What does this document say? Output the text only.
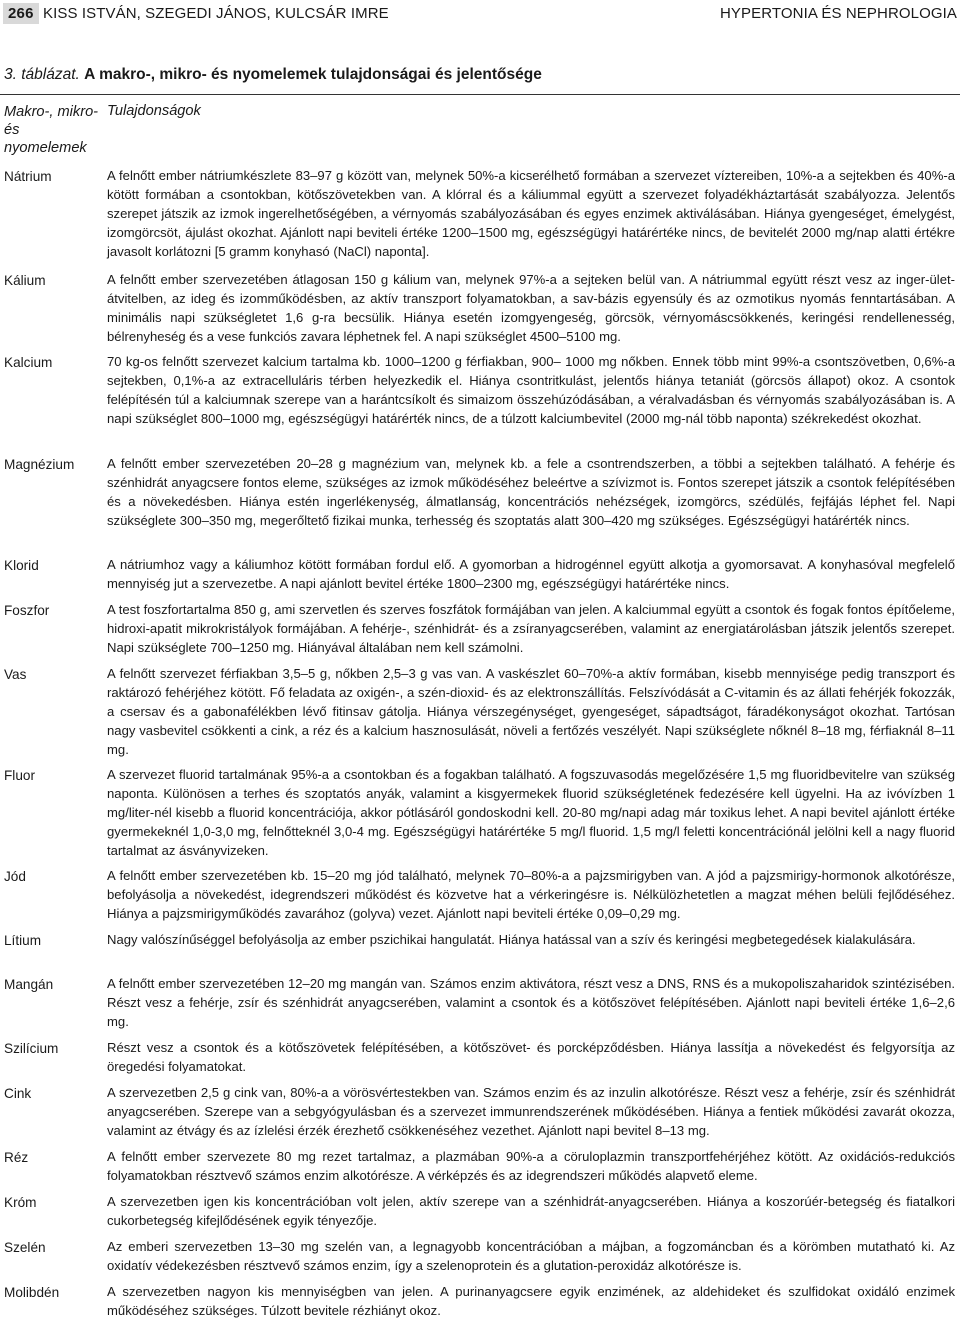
266 KISS ISTVÁN, SZEGEDI JÁNOS, KULCSÁR IMRE	HYPERTONIA ÉS NEPHROLOGIA
3. táblázat. A makro-, mikro- és nyomelemek tulajdonságai és jelentősége
Makro-, mikro- és nyomelemek
Tulajdonságok
Nátrium	A felnőtt ember nátriumkészlete 83–97 g között van, melynek 50%-a kicserélhető formában a szervezet víztereiben, 10%-a a sejtekben és 40%-a kötött formában a csontokban, kötőszövetekben van. A klórral és a káliummal együtt a szervezet folyadékháztartását szabályozza. Jelentős szerepet játszik az izmok ingerelhetőségében, a vérnyomás szabályozásában és egyes enzimek aktiválásában. Hiánya gyengeséget, émelygést, izomgörcsöt, ájulást okozhat. Ajánlott napi beviteli értéke 1200–1500 mg, egészségügyi határértéke nincs, de bevitelét 2000 mg/nap alatti értékre javasolt korlátozni [5 gramm konyhasó (NaCl) naponta].
Kálium	A felnőtt ember szervezetében átlagosan 150 g kálium van, melynek 97%-a a sejteken belül van. A nátriummal együtt részt vesz az inger-ület-átvitelben, az ideg és izomműködésben, az aktív transzport folyamatokban, a sav-bázis egyensúly és az ozmotikus nyomás fenntartásában. A minimális napi szükségletet 1,6 g-ra becsülik. Hiánya esetén izomgyengeség, görcsök, vérnyomáscsökkenés, keringési rendellenesség, bélrenyheség és a vese funkciós zavara léphetnek fel. A napi szükséglet 4500–5100 mg.
Kalcium	70 kg-os felnőtt szervezet kalcium tartalma kb. 1000–1200 g férfiakban, 900– 1000 mg nőkben. Ennek több mint 99%-a csontszövetben, 0,6%-a sejtekben, 0,1%-a az extracelluláris térben helyezkedik el. Hiánya csontritkulást, jelentős hiánya tetaniát (görcsös állapot) okoz. A csontok felépítésén túl a kalciumnak szerepe van a harántcsíkolt és simaizom összehúzódásában, a véralvadásban és vérnyomás szabályozásában is. A napi szükséglet 800–1000 mg, egészségügyi határérték nincs, de a túlzott kalciumbevitel (2000 mg-nál több naponta) székrekedést okozhat.
Magnézium A felnőtt ember szervezetében 20–28 g magnézium van, melynek kb. a fele a csontrendszerben, a többi a sejtekben található. A fehérje és szénhidrát anyagcsere fontos eleme, szükséges az izmok működéséhez beleértve a szívizmot is. Fontos szerepet játszik a csontok felépítésében és a növekedésben. Hiánya estén ingerlékenység, álmatlanság, koncentrációs nehézségek, izomgörcs, szédülés, fejfájás léphet fel. Napi szükséglete 300–350 mg, megerőltető fizikai munka, terhesség és szoptatás alatt 300–420 mg szükséges. Egészségügyi határérték nincs.
Klorid	A nátriumhoz vagy a káliumhoz kötött formában fordul elő. A gyomorban a hidrogénnel együtt alkotja a gyomorsavat. A konyhasóval megfelelő mennyiség jut a szervezetbe. A napi ajánlott bevitel értéke 1800–2300 mg, egészségügyi határértéke nincs.
Foszfor	A test foszfortartalma 850 g, ami szervetlen és szerves foszfátok formájában van jelen. A kalciummal együtt a csontok és fogak fontos építőeleme, hidroxi-apatit mikrokristályok formájában. A fehérje-, szénhidrát- és a zsíranyagcserében, valamint az energiatárolásban játszik jelentős szerepet. Napi szükséglete 700–1250 mg. Hiányával általában nem kell számolni.
Vas	A felnőtt szervezet férfiakban 3,5–5 g, nőkben 2,5–3 g vas van. A vaskészlet 60–70%-a aktív formában, kisebb mennyisége pedig transzport és raktározó fehérjéhez kötött. Fő feladata az oxigén-, a szén-dioxid- és az elektronszállítás. Felszívódását a C-vitamin és az állati fehérjék fokozzák, a csersav és a gabonafélékben lévő fitinsav gátolja. Hiánya vérszegénységet, gyengeséget, sápadtságot, fáradékonyságot okozhat. Tartósan nagy vasbevitel csökkenti a cink, a réz és a kalcium hasznosulását, növeli a fertőzés veszélyét. Napi szükséglete nőknél 8–18 mg, férfiaknál 8–11 mg.
Fluor	A szervezet fluorid tartalmának 95%-a a csontokban és a fogakban található. A fogszuvasodás megelőzésére 1,5 mg fluoridbevitelre van szükség naponta. Különösen a terhes és szoptatós anyák, valamint a kisgyermekek fluorid szükségletének fedezésére kell ügyelni. Ha az ivóvízben 1 mg/liter-nél kisebb a fluorid koncentrációja, akkor pótlásáról gondoskodni kell. 20-80 mg/napi adag már toxikus lehet. A napi bevitel ajánlott értéke gyermekeknél 1,0-3,0 mg, felnőtteknél 3,0-4 mg. Egészségügyi határértéke 5 mg/l fluorid. 1,5 mg/l feletti koncentrációnál jelölni kell a nagy fluorid tartalmat az ásványvizeken.
Jód	A felnőtt ember szervezetében kb. 15–20 mg jód található, melynek 70–80%-a a pajzsmirigyben van. A jód a pajzsmirigy-hormonok alkotórésze, befolyásolja a növekedést, idegrendszeri működést és közvetve hat a vérkeringésre is. Nélkülözhetetlen a magzat méhen belüli fejlődéséhez. Hiánya a pajzsmirigyműködés zavarához (golyva) vezet. Ajánlott napi beviteli értéke 0,09–0,29 mg.
Lítium	Nagy valószínűséggel befolyásolja az ember pszichikai hangulatát. Hiánya hatással van a szív és keringési megbetegedések kialakulására.
Mangán	A felnőtt ember szervezetében 12–20 mg mangán van. Számos enzim aktivátora, részt vesz a DNS, RNS és a mukopoliszaharidok szintézisében. Részt vesz a fehérje, zsír és szénhidrát anyagcserében, valamint a csontok és a kötőszövet felépítésében. Ajánlott napi beviteli értéke 1,6–2,6 mg.
Szilícium	Részt vesz a csontok és a kötőszövetek felépítésében, a kötőszövet- és porcképződésben. Hiánya lassítja a növekedést és felgyorsítja az öregedési folyamatokat.
Cink	A szervezetben 2,5 g cink van, 80%-a a vörösvértestekben van. Számos enzim és az inzulin alkotórésze. Részt vesz a fehérje, zsír és szénhidrát anyagcserében. Szerepe van a sebgyógyulásban és a szervezet immunrendszerének működésében. Hiánya a fentiek működési zavarát okozza, valamint az étvágy és az ízlelési érzék érezhető csökkenéséhez vezethet. Ajánlott napi bevitel 8–13 mg.
Réz	A felnőtt ember szervezete 80 mg rezet tartalmaz, a plazmában 90%-a a cöruloplazmin transzportfehérjéhez kötött. Az oxidációs-redukciós folyamatokban résztvevő számos enzim alkotórésze. A vérképzés és az idegrendszeri működés alapvető eleme.
Króm	A szervezetben igen kis koncentrációban volt jelen, aktív szerepe van a szénhidrát-anyagcserében. Hiánya a koszorúér-betegség és fiatalkori cukorbetegség kifejlődésének egyik tényezője.
Szelén	Az emberi szervezetben 13–30 mg szelén van, a legnagyobb koncentrációban a májban, a fogzománcban és a körömben mutatható ki. Az oxidatív védekezésben résztvevő számos enzim, így a szelenoprotein és a glutation-peroxidáz alkotórésze is.
Molibdén	A szervezetben nagyon kis mennyiségben van jelen. A purinanyagcsere egyik enzimének, az aldehideket és szulfidokat oxidáló enzimek működéséhez szükséges. Túlzott bevitele rézhiányt okoz.
